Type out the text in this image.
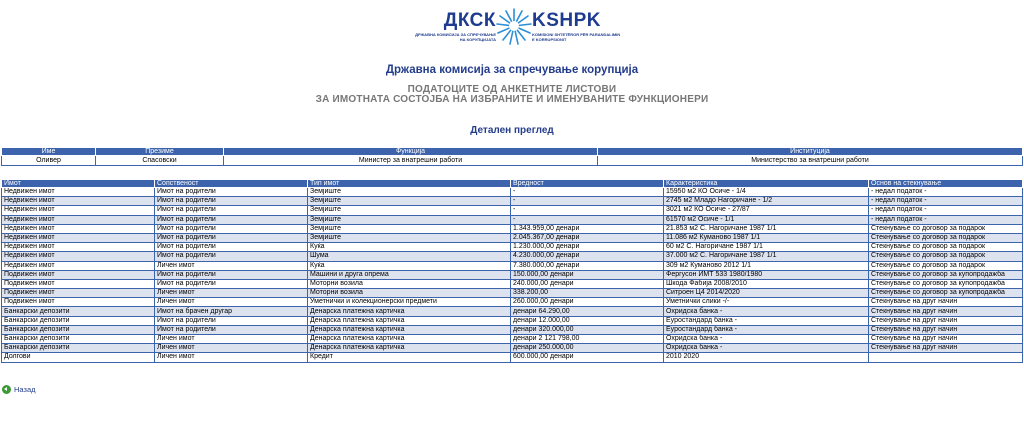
ДКСК
ДРЖАВНА КОМИСИЈА ЗА СПРЕЧУВАЊЕ НА КОРУПЦИЈАТА
KSHPK
KOMISIONI SHTETËROR PËR PARANDALIMIN E KORRUPSIONIT
Државна комисија за спречување корупција
ПОДАТОЦИТЕ ОД АНКЕТНИТЕ ЛИСТОВИ
ЗА ИМОТНАТА СОСТОЈБА НА ИЗБРАНИТЕ И ИМЕНУВАНИТЕ ФУНКЦИОНЕРИ
Детален преглед
Име	Презиме	Функција	Институција
Оливер	Спасовски	Министер за внатрешни работи	Министерство за внатрешни работи
Имот	Сопственост	Тип имот	Вредност	Карактеристика	Основ на стекнување
Недвижен имот	Имот на родители	Земјиште	-	15950 м2 КО Осиче - 1/4	- недал податок -
Недвижен имот	Имот на родители	Земјиште	-	2745 м2 Младо Нагоричане - 1/2	- недал податок -
Недвижен имот	Имот на родители	Земјиште	-	3021 м2 КО Осиче - 27/87	- недал податок -
Недвижен имот	Имот на родители	Земјиште	-	61570 м2 Осиче - 1/1	- недал податок -
Недвижен имот	Имот на родители	Земјиште	1.343.959,00 денари	21.853 м2 С. Нагоричане 1987 1/1	Стекнување со договор за подарок
Недвижен имот	Имот на родители	Земјиште	2.045.367,00 денари	11.086 м2 Куманово 1987 1/1	Стекнување со договор за подарок
Недвижен имот	Имот на родители	Куќа	1.230.000,00 денари	60 м2 С. Нагоричане 1987 1/1	Стекнување со договор за подарок
Недвижен имот	Имот на родители	Шума	4.230.000,00 денари	37.000 м2 С. Нагоричане 1987 1/1	Стекнување со договор за подарок
Недвижен имот	Личен имот	Куќа	7.380.000,00 денари	309 м2 Куманово 2012 1/1	Стекнување со договор за подарок
Подвижен имот	Имот на родители	Машини и друга опрема	150.000,00 денари	Фергусон ИМТ 533 1980/1980	Стекнување со договор за купопродажба
Подвижен имот	Имот на родители	Моторни возила	240.000,00 денари	Шкода Фабија 2008/2010	Стекнување со договор за купопродажба
Подвижен имот	Личен имот	Моторни возила	338.200,00	Ситроен Ц4 2014/2020	Стекнување со договор за купопродажба
Подвижен имот	Личен имот	Уметнички и колекционерски предмети	260.000,00 денари	Уметнички слики -/-	Стекнување на друг начин
Банкарски депозити	Имот на брачен другар	Денарска платежна картичка	денари 64.290,00	Охридска банка -	Стекнување на друг начин
Банкарски депозити	Имот на родители	Денарска платежна картичка	денари 12.000,00	Еуростандард банка -	Стекнување на друг начин
Банкарски депозити	Имот на родители	Денарска платежна картичка	денари 320.000,00	Еуростандард банка -	Стекнување на друг начин
Банкарски депозити	Личен имот	Денарска платежна картичка	денари 2 121 798,00	Охридска банка -	Стекнување на друг начин
Банкарски депозити	Личен имот	Денарска платежна картичка	денари 250.000,00	Охридска банка -	Стекнување на друг начин
Долгови	Личен имот	Кредит	600.000,00 денари	2010 2020	
Назад
